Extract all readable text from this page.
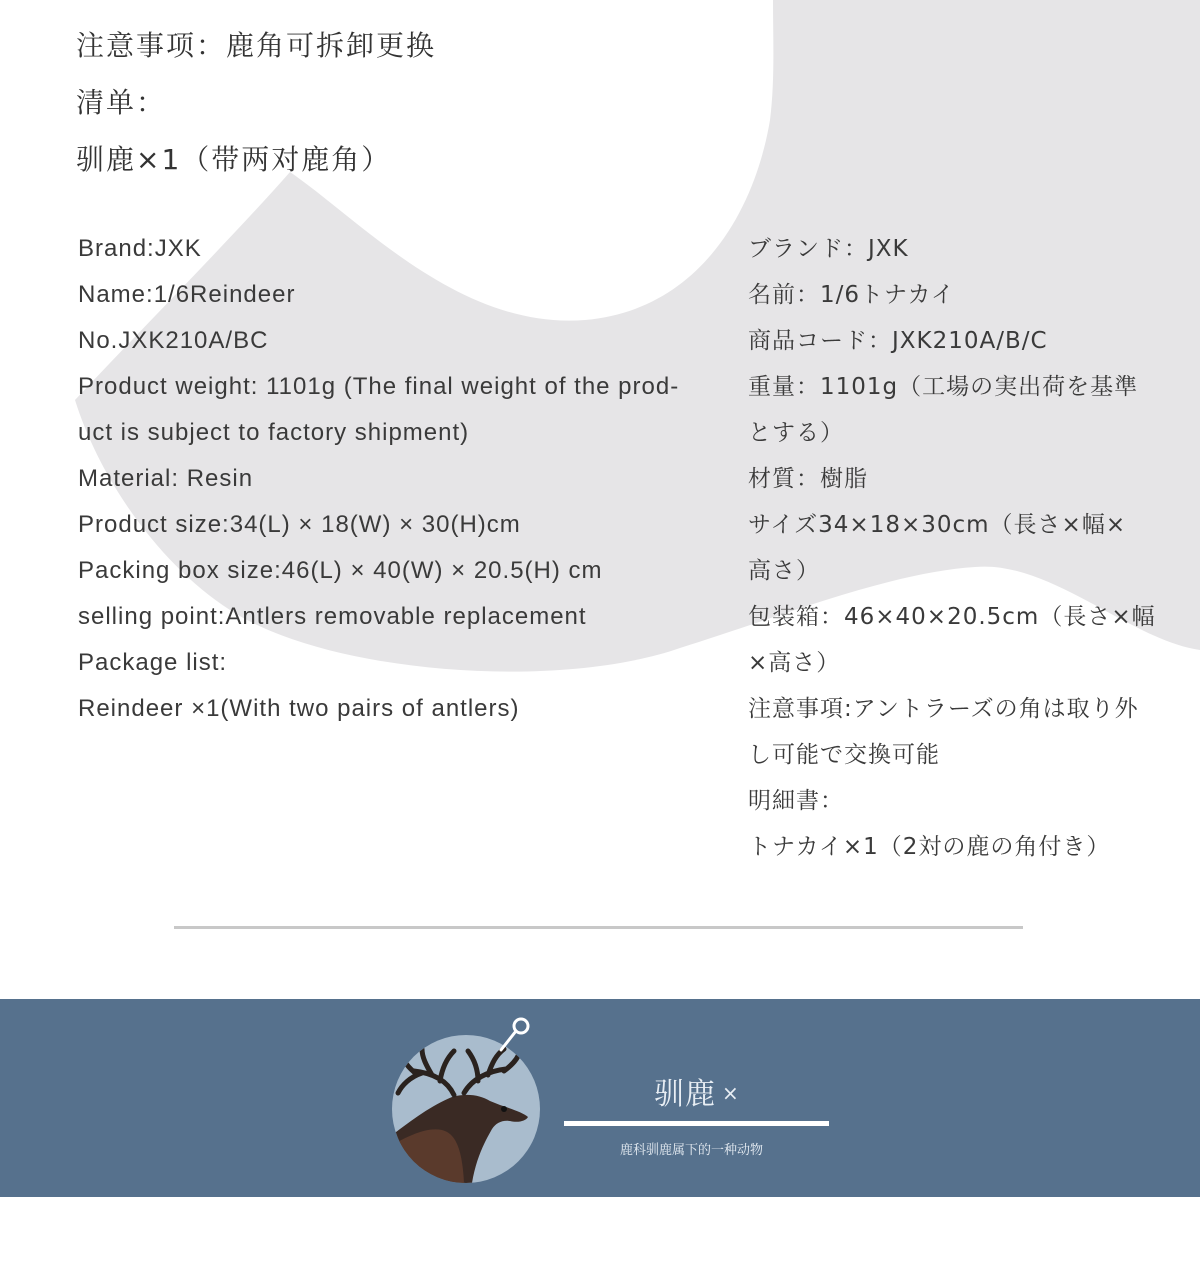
注意事项：鹿角可拆卸更换
清单：
驯鹿×1（带两对鹿角）
Brand:JXK
Name:1/6Reindeer
No.JXK210A/BC
Product weight: 1101g (The final weight of the prod-
uct is subject to factory shipment)
Material: Resin
Product size:34(L) × 18(W) × 30(H)cm
Packing box size:46(L) × 40(W) × 20.5(H) cm
selling point:Antlers removable replacement
Package list:
Reindeer ×1(With two pairs of antlers)
ブランド：JXK
名前：1/6トナカイ
商品コード：JXK210A/B/C
重量：1101g（工場の実出荷を基準
とする）
材質：樹脂
サイズ34×18×30cm（長さ×幅×
高さ）
包装箱：46×40×20.5cm（長さ×幅
×高さ）
注意事項:アントラーズの角は取り外
し可能で交換可能
明細書：
トナカイ×1（2対の鹿の角付き）
驯鹿 ×
鹿科驯鹿属下的一种动物
